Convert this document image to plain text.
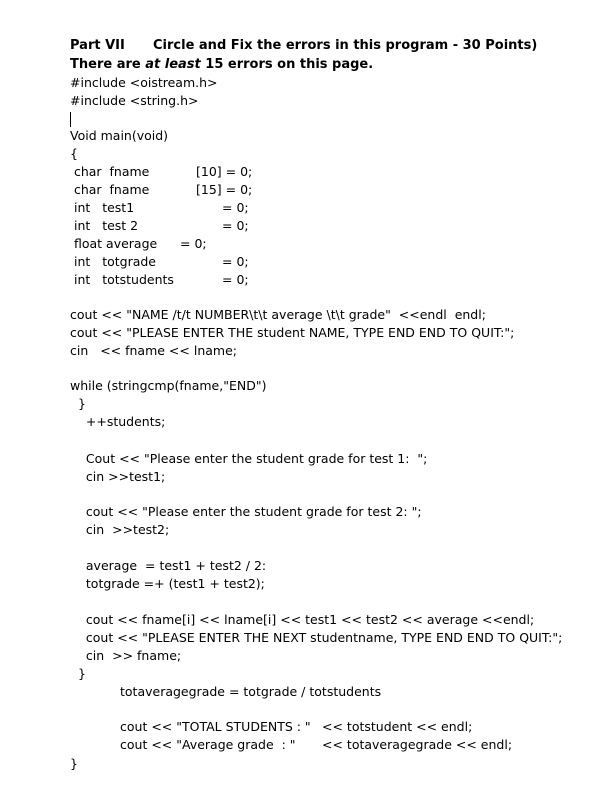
Part VII Circle and Fix the errors in this program - 30 Points)
There are at least 15 errors on this page.
#include <oistream.h>
#include <string.h>
Void main(void)
{
char  fname	[10] = 0;
char  fname	[15] = 0;
int   test1	= 0;
int   test 2	= 0;
float average = 0;
int   totgrade	= 0;
int   totstudents	= 0;
cout << "NAME /t/t NUMBER\t\t average \t\t grade"  <<endl  endl;
cout << "PLEASE ENTER THE student NAME, TYPE END END TO QUIT:";
cin   << fname << lname;
while (stringcmp(fname,"END")
}
++students;
Cout << "Please enter the student grade for test 1:  ";
cin >>test1;
cout << "Please enter the student grade for test 2: ";
cin  >>test2;
average  = test1 + test2 / 2:
totgrade =+ (test1 + test2);
cout << fname[i] << lname[i] << test1 << test2 << average <<endl;
cout << "PLEASE ENTER THE NEXT studentname, TYPE END END TO QUIT:";
cin  >> fname;
}
totaveragegrade = totgrade / totstudents
cout << "TOTAL STUDENTS : " << totstudent << endl;
cout << "Average grade  : " << totaveragegrade << endl;
}
